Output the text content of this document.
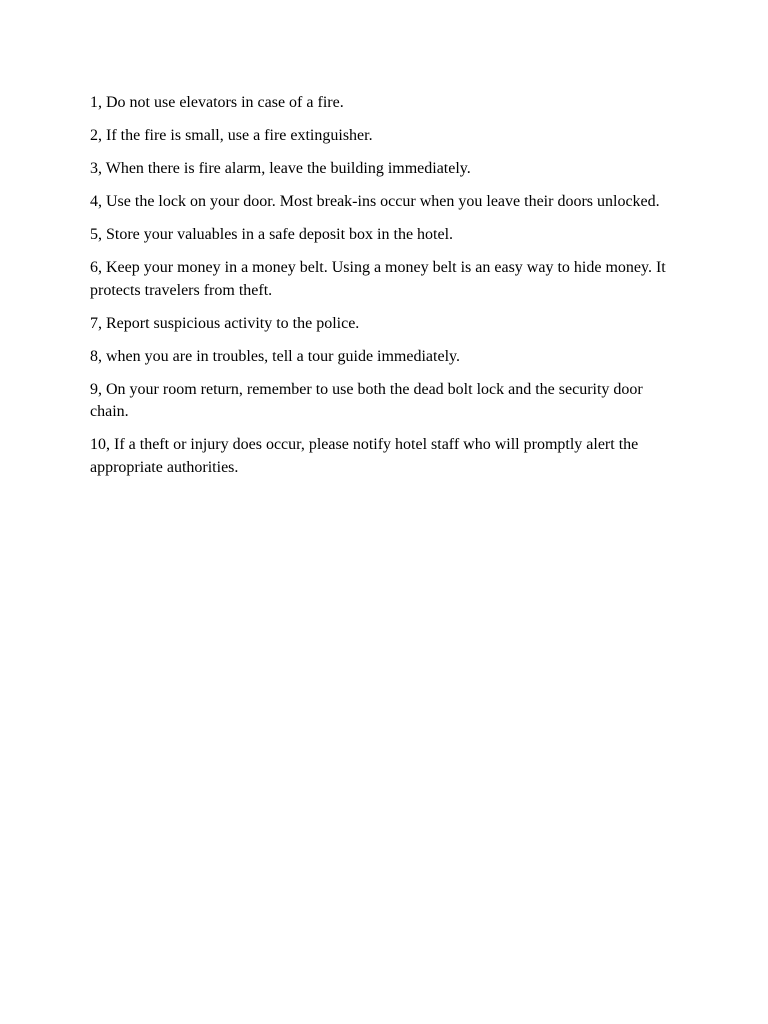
1, Do not use elevators in case of a fire.

2, If the fire is small, use a fire extinguisher.

3, When there is fire alarm, leave the building immediately.

4, Use the lock on your door. Most break-ins occur when you leave their doors unlocked.

5, Store your valuables in a safe deposit box in the hotel.

6, Keep your money in a money belt. Using a money belt is an easy way to hide money. It protects travelers from theft.

7, Report suspicious activity to the police.

8, when you are in troubles, tell a tour guide immediately.

9, On your room return, remember to use both the dead bolt lock and the security door chain.

10, If a theft or injury does occur, please notify hotel staff who will promptly alert the appropriate authorities.
